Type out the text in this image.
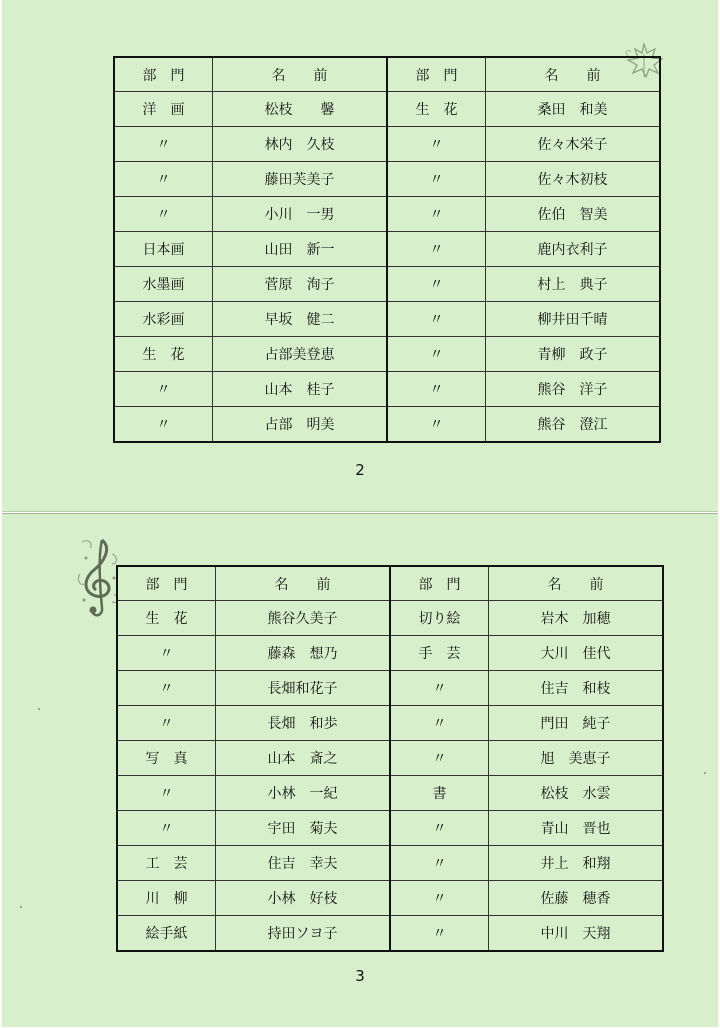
部　門	名　　前	部　門	名　　前
洋　画	松枝　　馨	生　花	桑田　和美
〃	林内　久枝	〃	佐々木栄子
〃	藤田芙美子	〃	佐々木初枝
〃	小川　一男	〃	佐伯　智美
日本画	山田　新一	〃	鹿内衣利子
水墨画	菅原　洵子	〃	村上　典子
水彩画	早坂　健二	〃	柳井田千晴
生　花	占部美登恵	〃	青柳　政子
〃	山本　桂子	〃	熊谷　洋子
〃	占部　明美	〃	熊谷　澄江
2
部　門	名　　前	部　門	名　　前
生　花	熊谷久美子	切り絵	岩木　加穂
〃	藤森　想乃	手　芸	大川　佳代
〃	長畑和花子	〃	住吉　和枝
〃	長畑　和歩	〃	門田　純子
写　真	山本　斎之	〃	旭　美恵子
〃	小林　一紀	書	松枝　水雲
〃	宇田　菊夫	〃	青山　晋也
工　芸	住吉　幸夫	〃	井上　和翔
川　柳	小林　好枝	〃	佐藤　穂香
絵手紙	持田ソヨ子	〃	中川　天翔
3
